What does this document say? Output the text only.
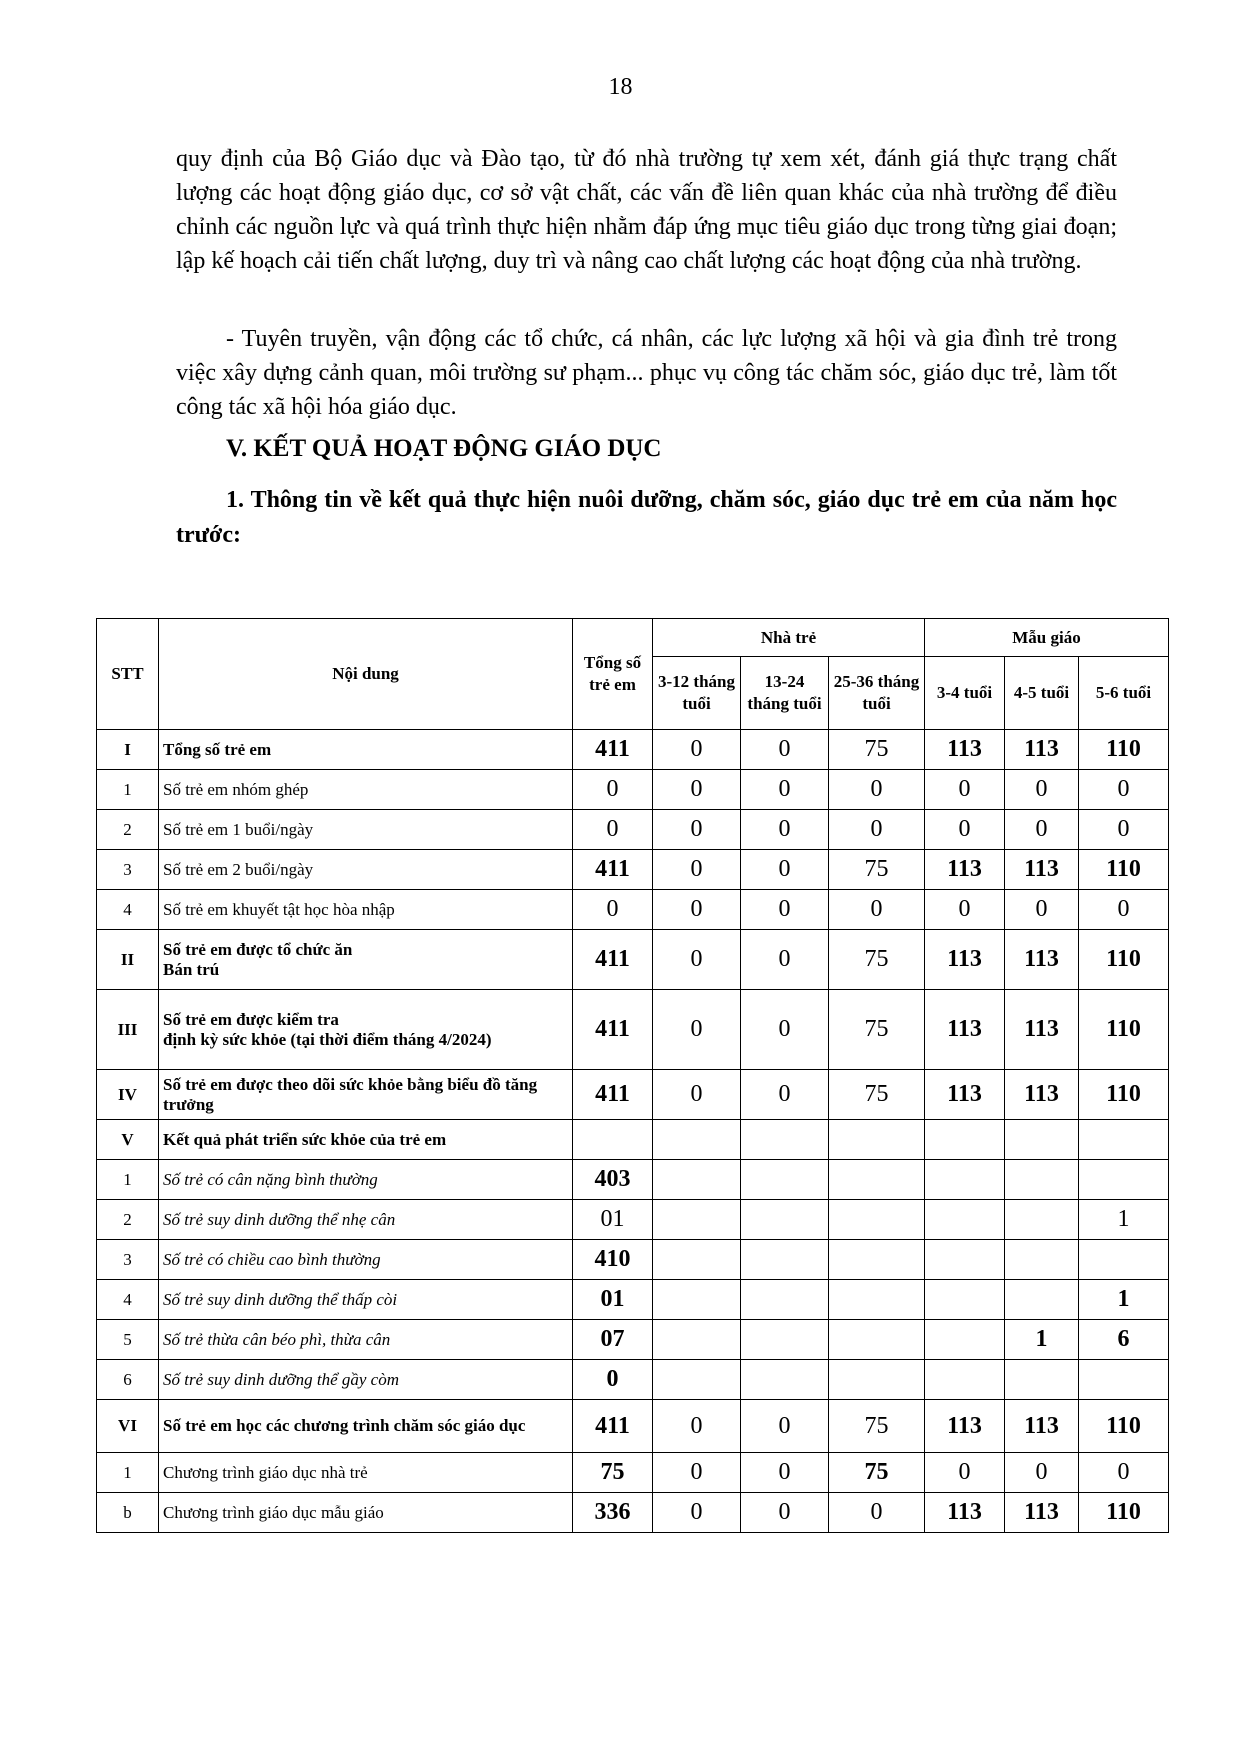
18
quy định của Bộ Giáo dục và Đào tạo, từ đó nhà trường tự xem xét, đánh giá thực trạng chất lượng các hoạt động giáo dục, cơ sở vật chất, các vấn đề liên quan khác của nhà trường để điều chỉnh các nguồn lực và quá trình thực hiện nhằm đáp ứng mục tiêu giáo dục trong từng giai đoạn; lập kế hoạch cải tiến chất lượng, duy trì và nâng cao chất lượng các hoạt động của nhà trường.
- Tuyên truyền, vận động các tổ chức, cá nhân, các lực lượng xã hội và gia đình trẻ trong việc xây dựng cảnh quan, môi trường sư phạm... phục vụ công tác chăm sóc, giáo dục trẻ, làm tốt công tác xã hội hóa giáo dục.
V. KẾT QUẢ HOẠT ĐỘNG GIÁO DỤC
1. Thông tin về kết quả thực hiện nuôi dưỡng, chăm sóc, giáo dục trẻ em của năm học trước:
STT	Nội dung	Tổng số trẻ em	Nhà trẻ			Mẫu giáo		
			3-12 tháng tuổi	13-24 tháng tuổi	25-36 tháng tuổi	3-4 tuổi	4-5 tuổi	5-6 tuổi
I	Tổng số trẻ em	411	0	0	75	113	113	110
1	Số trẻ em nhóm ghép	0	0	0	0	0	0	0
2	Số trẻ em 1 buổi/ngày	0	0	0	0	0	0	0
3	Số trẻ em 2 buổi/ngày	411	0	0	75	113	113	110
4	Số trẻ em khuyết tật học hòa nhập	0	0	0	0	0	0	0
II	Số trẻ em được tổ chức ăn
Bán trú	411	0	0	75	113	113	110
III	Số trẻ em được kiểm tra
định kỳ sức khỏe (tại thời điểm tháng 4/2024)	411	0	0	75	113	113	110
IV	Số trẻ em được theo dõi sức khỏe bằng biểu đồ tăng trưởng	411	0	0	75	113	113	110
V	Kết quả phát triển sức khỏe của trẻ em							
1	Số trẻ có cân nặng bình thường	403						
2	Số trẻ suy dinh dưỡng thể nhẹ cân	01						1
3	Số trẻ có chiều cao bình thường	410						
4	Số trẻ suy dinh dưỡng thể thấp còi	01						1
5	Số trẻ thừa cân béo phì, thừa cân	07					1	6
6	Số trẻ suy dinh dưỡng thể gầy còm	0						
VI	Số trẻ em học các chương trình chăm sóc giáo dục	411	0	0	75	113	113	110
1	Chương trình giáo dục nhà trẻ	75	0	0	75	0	0	0
b	Chương trình giáo dục mẫu giáo	336	0	0	0	113	113	110
